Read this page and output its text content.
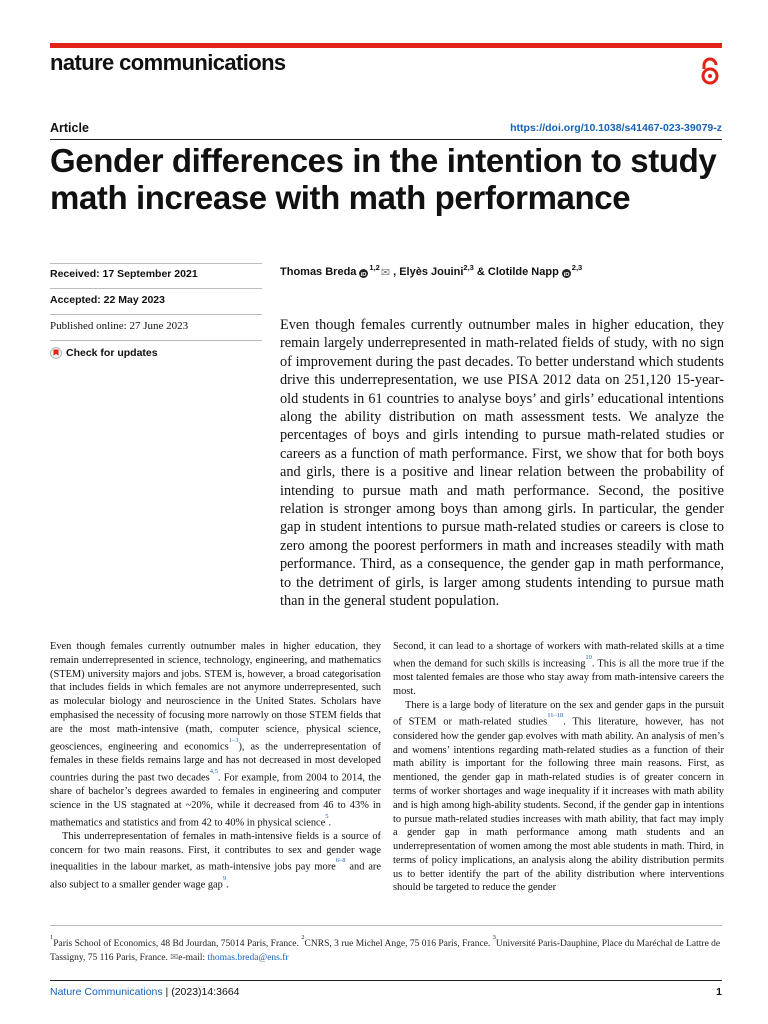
nature communications
Article	https://doi.org/10.1038/s41467-023-39079-z
Gender differences in the intention to study math increase with math performance
Received: 17 September 2021
Accepted: 22 May 2023
Published online: 27 June 2023
Check for updates
Thomas Breda iD
1,2 ✉ , Elyès Jouini 2,3 & Clotilde Napp iD
2,3

Even though females currently outnumber males in higher education, they remain largely underrepresented in math-related fields of study, with no sign of improvement during the past decades. To better understand which students drive this underrepresentation, we use PISA 2012 data on 251,120 15-year-old students in 61 countries to analyse boys’ and girls’ educational intentions along the ability distribution on math assessment tests. We analyze the percentages of boys and girls intending to pursue math-related studies or careers as a function of math performance. First, we show that for both boys and girls, there is a positive and linear relation between the probability of intending to pursue math and math performance. Second, the positive relation is stronger among boys than among girls. In particular, the gender gap in student intentions to pursue math-related studies or careers is close to zero among the poorest performers in math and increases steadily with math performance. Third, as a consequence, the gender gap in math performance, to the detriment of girls, is larger among students intending to pursue math than in the general student population.

Even though females currently outnumber males in higher education, they remain underrepresented in science, technology, engineering, and mathematics (STEM) university majors and jobs. STEM is, however, a broad categorisation that includes fields in which females are not anymore underrepresented, such as molecular biology and neuroscience in the United States. Scholars have emphasised the necessity of focusing more narrowly on those STEM fields that are the most math-intensive (math, computer science, physical science, geosciences, engineering and economics$^{1-3}$), as the underrepresentation of females in these fields remains large and has not decreased in most developed countries during the past two decades$^{4,5}$. For example, from 2004 to 2014, the share of bachelor’s degrees awarded to females in engineering and computer science in the US stagnated at ~20%, while it decreased from 46 to 43% in mathematics and statistics and from 42 to 40% in physical science$^5$.

This underrepresentation of females in math-intensive fields is a source of concern for two main reasons. First, it contributes to sex and gender wage inequalities in the labour market, as math-intensive jobs pay more$^{6-8}$ and are also subject to a smaller gender wage gap$^9$.

Second, it can lead to a shortage of workers with math-related skills at a time when the demand for such skills is increasing$^{10}$. This is all the more true if the most talented females are those who stay away from math-intensive careers the most.

There is a large body of literature on the sex and gender gaps in the pursuit of STEM or math-related studies$^{11-18}$. This literature, however, has not considered how the gender gap evolves with math ability. An analysis of men’s and womens’ intentions regarding math-related studies as a function of their math ability is important for the following three main reasons. First, as mentioned, the gender gap in math-related studies is of greater concern in terms of worker shortages and wage inequality if it increases with math ability and is high among high-ability students. Second, if the gender gap in intentions to pursue math-related studies increases with math ability, that fact may imply a gender gap in math performance among math students and an underrepresentation of women among the most able students in math. Third, in terms of policy implications, an analysis along the ability distribution permits us to better identify the part of the ability distribution where interventions should be targeted to reduce the gender

$^1$Paris School of Economics, 48 Bd Jourdan, 75014 Paris, France. $^2$CNRS, 3 rue Michel Ange, 75 016 Paris, France. $^3$Université Paris-Dauphine, Place du Maréchal de Lattre de Tassigny, 75 116 Paris, France. ✉e-mail: thomas.breda@ens.fr
Nature Communications | (2023)14:3664	1
